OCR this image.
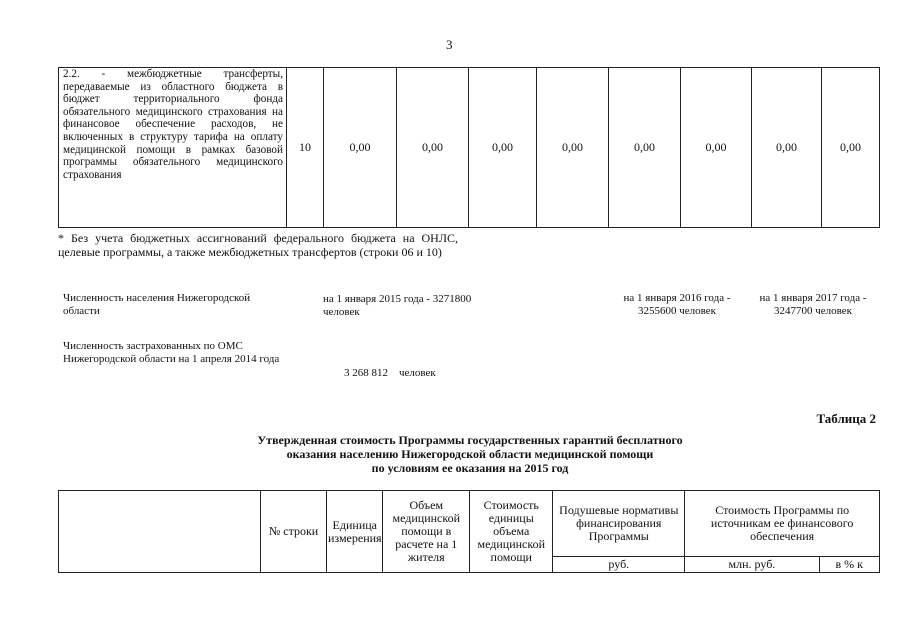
3
2.2. - межбюджетные трансферты, передаваемые из областного бюджета в бюджет территориального фонда обязательного медицинского страхования на финансовое обеспечение расходов, не включенных в структуру тарифа на оплату медицинской помощи в рамках базовой программы обязательного медицинского страхования	10	0,00	0,00	0,00	0,00	0,00	0,00	0,00	0,00
* Без учета бюджетных ассигнований федерального бюджета на ОНЛС, целевые программы, а также межбюджетных трансфертов (строки 06 и 10)
Численность населения Нижегородской области
на 1 января 2015 года - 3271800 человек
на 1 января 2016 года - 3255600 человек
на 1 января 2017 года - 3247700 человек
Численность застрахованных по ОМС Нижегородской области на 1 апреля 2014 года
3 268 812 человек
Таблица 2
Утвержденная стоимость Программы государственных гарантий бесплатного
оказания населению Нижегородской области медицинской помощи
по условиям ее оказания на 2015 год
	№ строки	Единица измерения	Объем медицинской помощи в расчете на 1 жителя	Стоимость единицы объема медицинской помощи	Подушевые нормативы финансирования Программы	Стоимость Программы по источникам ее финансового обеспечения	
					руб.	млн. руб.	в % к
